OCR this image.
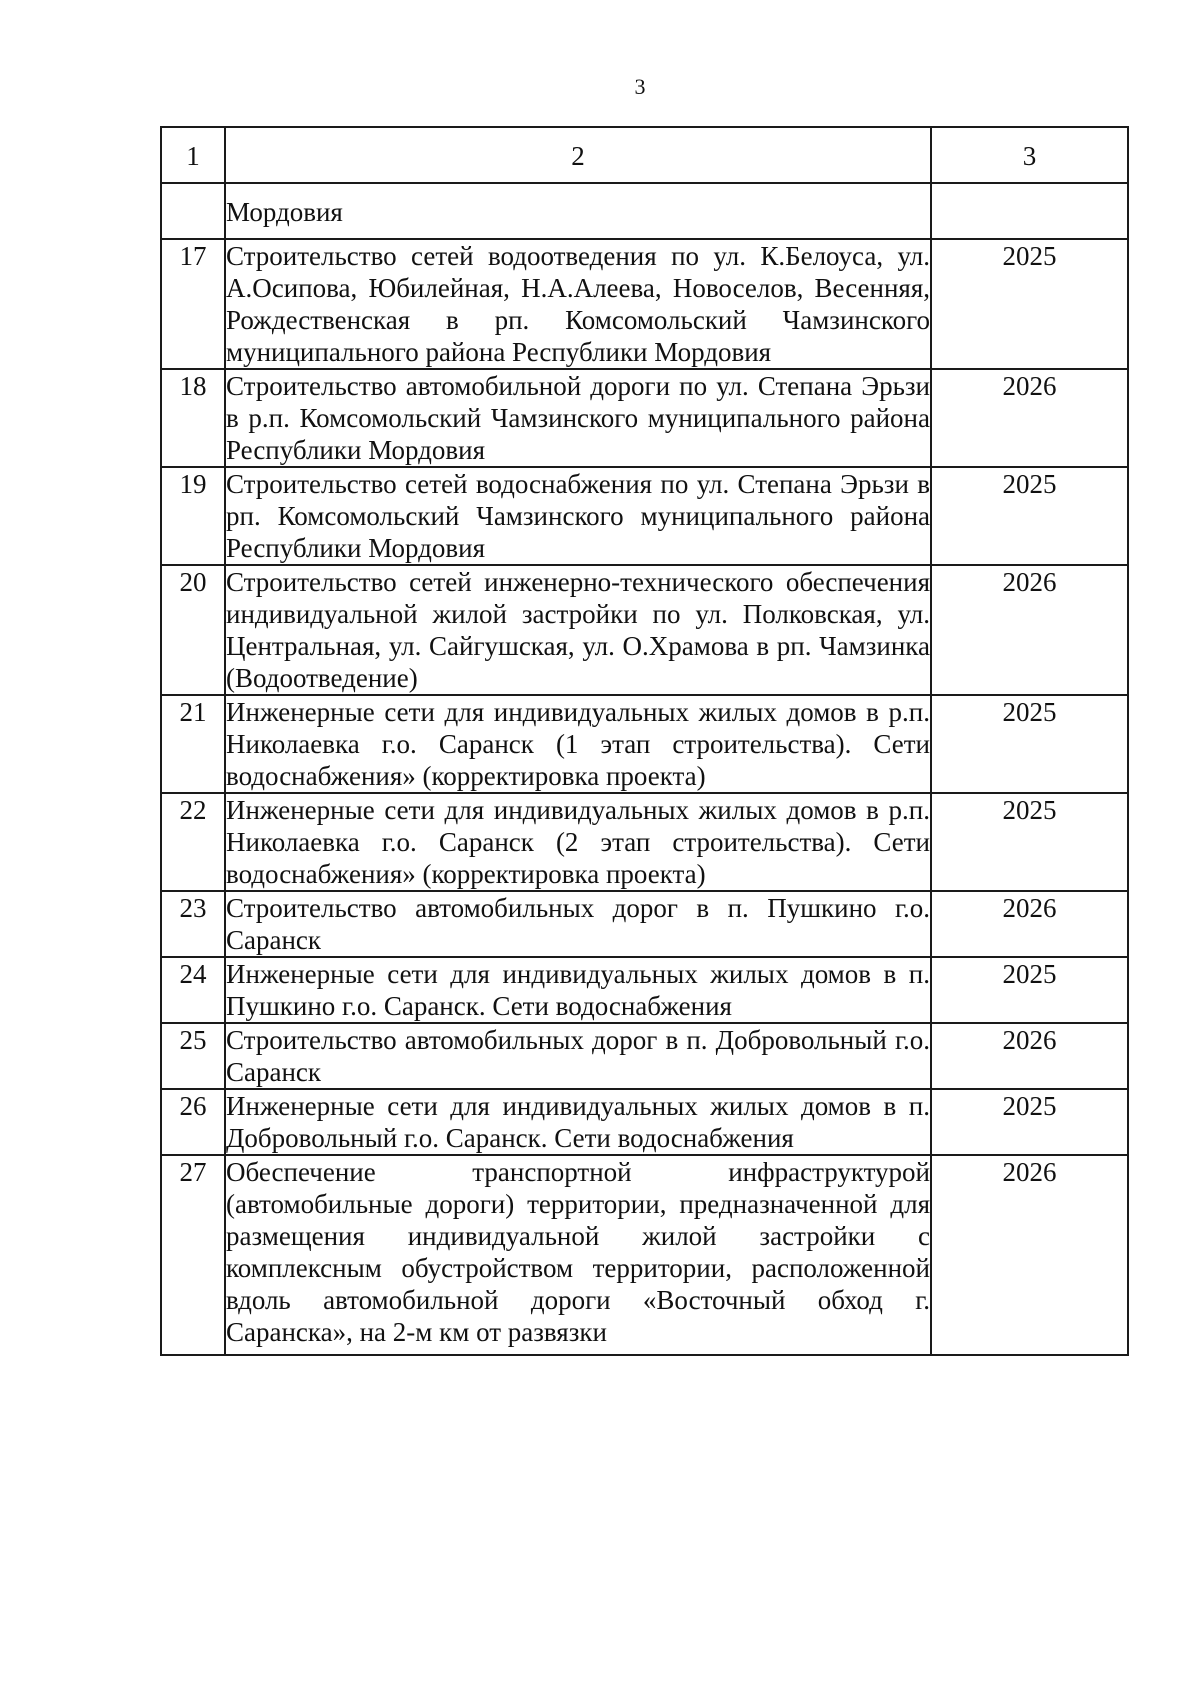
3
1	2	3
	Мордовия	
17	Строительство сетей водоотведения по ул. К.Белоуса, ул. А.Осипова, Юбилейная, Н.А.Алеева, Новоселов, Весенняя, Рождественская в рп. Комсомольский Чамзинского муниципального района Республики Мордовия	2025
18	Строительство автомобильной дороги по ул. Степана Эрьзи в р.п. Комсомольский Чамзинского муниципального района Республики Мордовия	2026
19	Строительство сетей водоснабжения по ул. Степана Эрьзи в рп. Комсомольский Чамзинского муниципального района Республики Мордовия	2025
20	Строительство сетей инженерно-технического обеспечения индивидуальной жилой застройки по ул. Полковская, ул. Центральная, ул. Сайгушская, ул. О.Храмова в рп. Чамзинка (Водоотведение)	2026
21	Инженерные сети для индивидуальных жилых домов в р.п. Николаевка г.о. Саранск (1 этап строительства). Сети водоснабжения» (корректировка проекта)	2025
22	Инженерные сети для индивидуальных жилых домов в р.п. Николаевка г.о. Саранск (2 этап строительства). Сети водоснабжения» (корректировка проекта)	2025
23	Строительство автомобильных дорог в п. Пушкино г.о. Саранск	2026
24	Инженерные сети для индивидуальных жилых домов в п. Пушкино г.о. Саранск. Сети водоснабжения	2025
25	Строительство автомобильных дорог в п. Добровольный г.о. Саранск	2026
26	Инженерные сети для индивидуальных жилых домов в п. Добровольный г.о. Саранск. Сети водоснабжения	2025
27	Обеспечение транспортной инфраструктурой (автомобильные дороги) территории, предназначенной для размещения индивидуальной жилой застройки с комплексным обустройством территории, расположенной вдоль автомобильной дороги «Восточный обход г. Саранска», на 2-м км от развязки	2026
